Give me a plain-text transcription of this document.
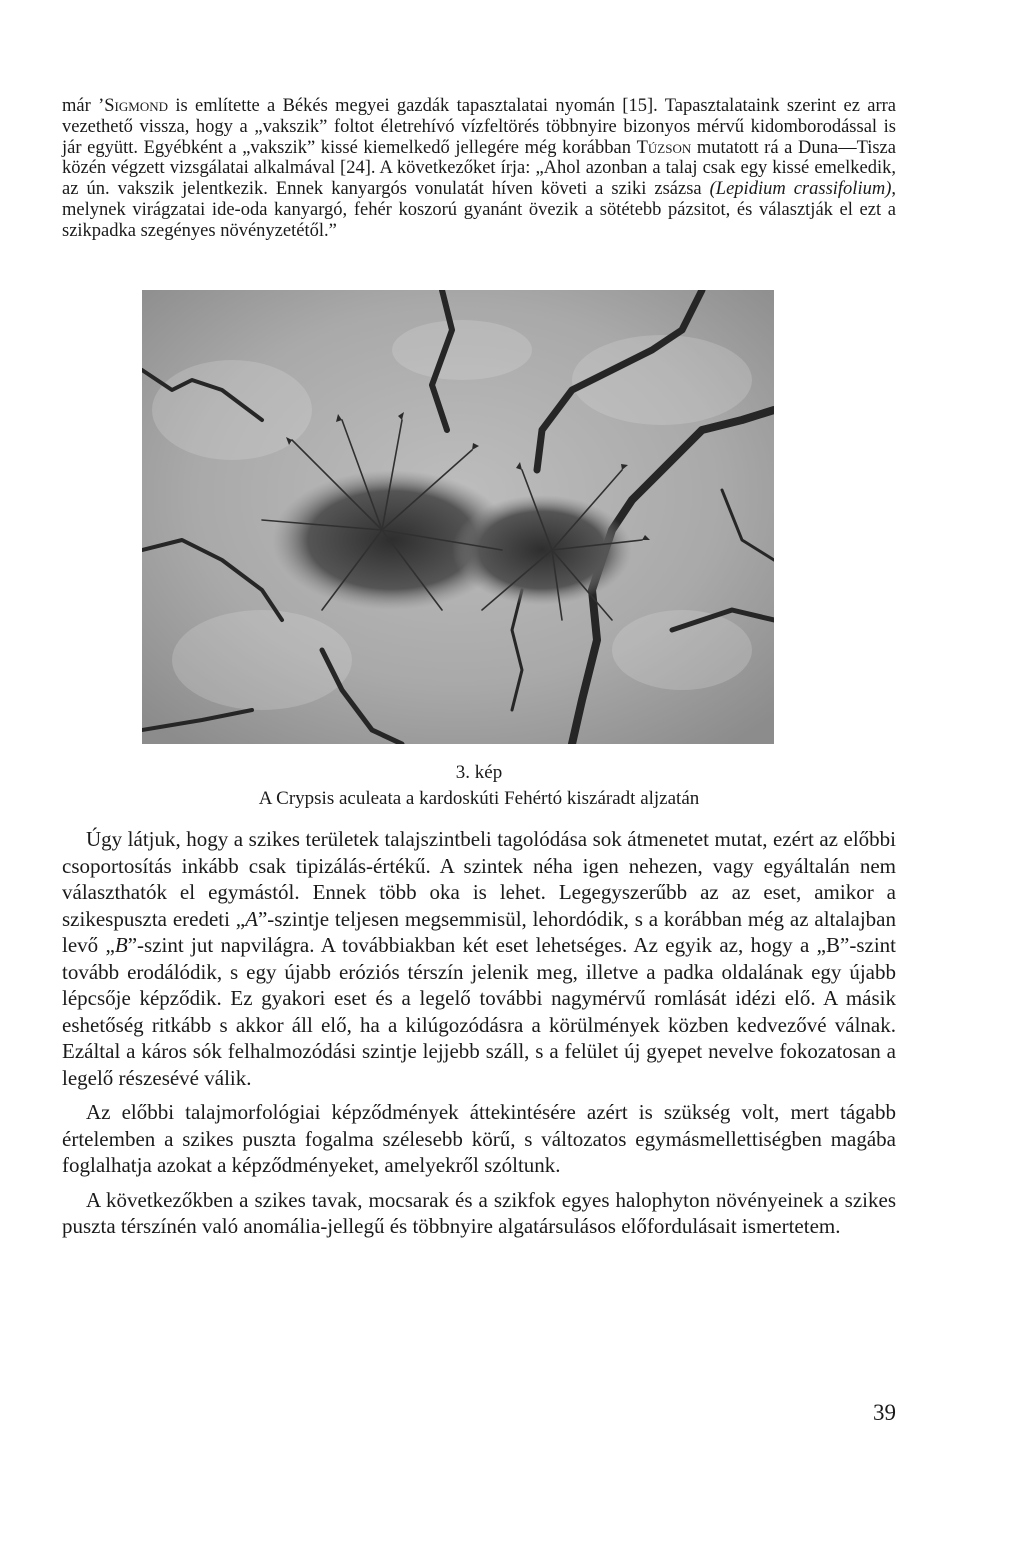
már ’Sigmond is említette a Békés megyei gazdák tapasztalatai nyomán [15]. Tapasztalataink szerint ez arra vezethető vissza, hogy a „vakszik” foltot életrehívó vízfeltörés többnyire bizonyos mérvű kidomborodással is jár együtt. Egyébként a „vakszik” kissé kiemelkedő jellegére még korábban Túzson mutatott rá a Duna—Tisza közén végzett vizsgálatai alkalmával [24]. A következőket írja: „Ahol azonban a talaj csak egy kissé emelkedik, az ún. vakszik jelentkezik. Ennek kanyargós vonulatát híven követi a sziki zsázsa (Lepidium crassifolium), melynek virágzatai ide-oda kanyargó, fehér koszorú gyanánt övezik a sötétebb pázsitot, és választják el ezt a szikpadka szegényes növényzetétől.”

3. kép
A Crypsis aculeata a kardoskúti Fehértó kiszáradt aljzatán

Úgy látjuk, hogy a szikes területek talajszintbeli tagolódása sok átmenetet mutat, ezért az előbbi csoportosítás inkább csak tipizálás-értékű. A szintek néha igen nehezen, vagy egyáltalán nem választhatók el egymástól. Ennek több oka is lehet. Legegyszerűbb az az eset, amikor a szikespuszta eredeti „A”-szintje teljesen megsemmisül, lehordódik, s a korábban még az altalajban levő „B”-szint jut napvilágra. A továbbiakban két eset lehetséges. Az egyik az, hogy a „B”-szint tovább erodálódik, s egy újabb eróziós térszín jelenik meg, illetve a padka oldalának egy újabb lépcsője képződik. Ez gyakori eset és a legelő további nagymérvű romlását idézi elő. A másik eshetőség ritkább s akkor áll elő, ha a kilúgozódásra a körülmények közben kedvezővé válnak. Ezáltal a káros sók felhalmozódási szintje lejjebb száll, s a felület új gyepet nevelve fokozatosan a legelő részesévé válik.

Az előbbi talajmorfológiai képződmények áttekintésére azért is szükség volt, mert tágabb értelemben a szikes puszta fogalma szélesebb körű, s változatos egymásmellettiségben magába foglalhatja azokat a képződményeket, amelyekről szóltunk.

A következőkben a szikes tavak, mocsarak és a szikfok egyes halophyton növényeinek a szikes puszta térszínén való anomália-jellegű és többnyire algatársulásos előfordulásait ismertetem.

39
